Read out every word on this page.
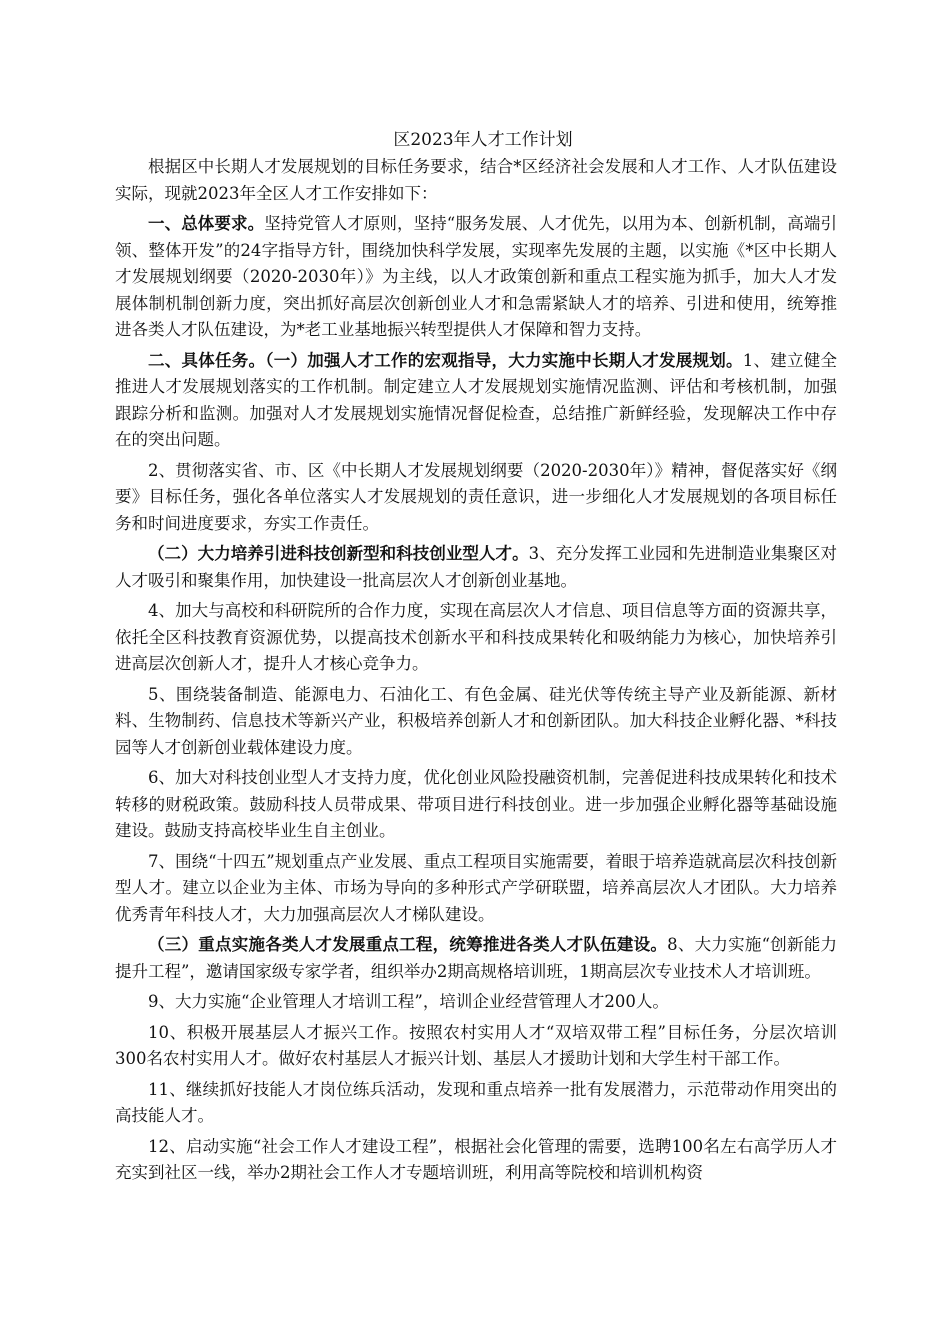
区2023年人才工作计划

根据区中长期人才发展规划的目标任务要求，结合*区经济社会发展和人才工作、人才队伍建设实际，现就2023年全区人才工作安排如下：

一、总体要求。坚持党管人才原则，坚持“服务发展、人才优先，以用为本、创新机制，高端引领、整体开发”的24字指导方针，围绕加快科学发展，实现率先发展的主题，以实施《*区中长期人才发展规划纲要（2020-2030年）》为主线，以人才政策创新和重点工程实施为抓手，加大人才发展体制机制创新力度，突出抓好高层次创新创业人才和急需紧缺人才的培养、引进和使用，统筹推进各类人才队伍建设，为*老工业基地振兴转型提供人才保障和智力支持。

二、具体任务。（一）加强人才工作的宏观指导，大力实施中长期人才发展规划。1、建立健全推进人才发展规划落实的工作机制。制定建立人才发展规划实施情况监测、评估和考核机制，加强跟踪分析和监测。加强对人才发展规划实施情况督促检查，总结推广新鲜经验，发现解决工作中存在的突出问题。

2、贯彻落实省、市、区《中长期人才发展规划纲要（2020-2030年）》精神，督促落实好《纲要》目标任务，强化各单位落实人才发展规划的责任意识，进一步细化人才发展规划的各项目标任务和时间进度要求，夯实工作责任。

（二）大力培养引进科技创新型和科技创业型人才。3、充分发挥工业园和先进制造业集聚区对人才吸引和聚集作用，加快建设一批高层次人才创新创业基地。

4、加大与高校和科研院所的合作力度，实现在高层次人才信息、项目信息等方面的资源共享，依托全区科技教育资源优势，以提高技术创新水平和科技成果转化和吸纳能力为核心，加快培养引进高层次创新人才，提升人才核心竞争力。

5、围绕装备制造、能源电力、石油化工、有色金属、硅光伏等传统主导产业及新能源、新材料、生物制药、信息技术等新兴产业，积极培养创新人才和创新团队。加大科技企业孵化器、*科技园等人才创新创业载体建设力度。

6、加大对科技创业型人才支持力度，优化创业风险投融资机制，完善促进科技成果转化和技术转移的财税政策。鼓励科技人员带成果、带项目进行科技创业。进一步加强企业孵化器等基础设施建设。鼓励支持高校毕业生自主创业。

7、围绕“十四五”规划重点产业发展、重点工程项目实施需要，着眼于培养造就高层次科技创新型人才。建立以企业为主体、市场为导向的多种形式产学研联盟，培养高层次人才团队。大力培养优秀青年科技人才，大力加强高层次人才梯队建设。

（三）重点实施各类人才发展重点工程，统筹推进各类人才队伍建设。8、大力实施“创新能力提升工程”，邀请国家级专家学者，组织举办2期高规格培训班，1期高层次专业技术人才培训班。

9、大力实施“企业管理人才培训工程”，培训企业经营管理人才200人。

10、积极开展基层人才振兴工作。按照农村实用人才“双培双带工程”目标任务，分层次培训300名农村实用人才。做好农村基层人才振兴计划、基层人才援助计划和大学生村干部工作。

11、继续抓好技能人才岗位练兵活动，发现和重点培养一批有发展潜力，示范带动作用突出的高技能人才。

12、启动实施“社会工作人才建设工程”，根据社会化管理的需要，选聘100名左右高学历人才充实到社区一线，举办2期社会工作人才专题培训班，利用高等院校和培训机构资
